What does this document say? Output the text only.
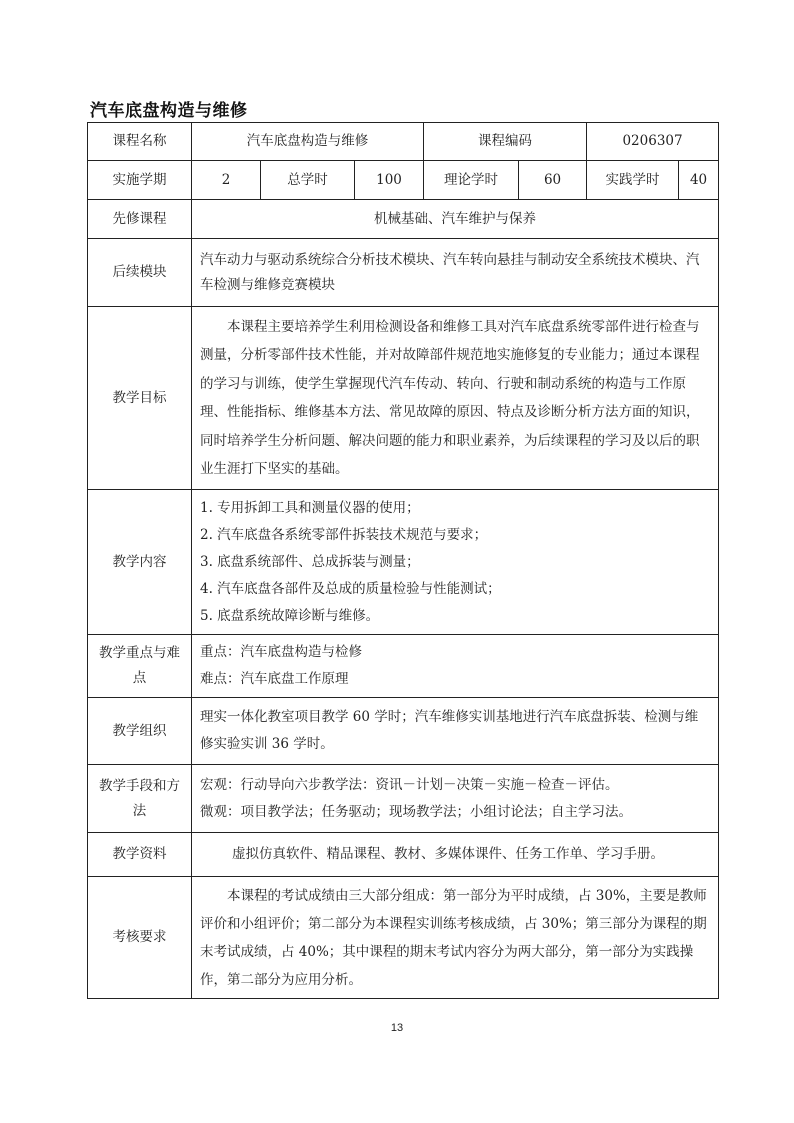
汽车底盘构造与维修
课程名称	汽车底盘构造与维修			课程编码		0206307	
实施学期	2	总学时	100	理论学时	60	实践学时	40
先修课程	机械基础、汽车维护与保养						
后续模块	汽车动力与驱动系统综合分析技术模块、汽车转向悬挂与制动安全系统技术模块、汽车检测与维修竞赛模块						
教学目标	本课程主要培养学生利用检测设备和维修工具对汽车底盘系统零部件进行检查与测量，分析零部件技术性能，并对故障部件规范地实施修复的专业能力；通过本课程的学习与训练，使学生掌握现代汽车传动、转向、行驶和制动系统的构造与工作原理、性能指标、维修基本方法、常见故障的原因、特点及诊断分析方法方面的知识，同时培养学生分析问题、解决问题的能力和职业素养，为后续课程的学习及以后的职业生涯打下坚实的基础。						
教学内容	1. 专用拆卸工具和测量仪器的使用；
2. 汽车底盘各系统零部件拆装技术规范与要求；
3. 底盘系统部件、总成拆装与测量；
4. 汽车底盘各部件及总成的质量检验与性能测试；
5. 底盘系统故障诊断与维修。						

教学重点与难点	重点：汽车底盘构造与检修
难点：汽车底盘工作原理						

教学组织	理实一体化教室项目教学 60 学时；汽车维修实训基地进行汽车底盘拆装、检测与维修实验实训 36 学时。						
教学手段和方法	宏观：行动导向六步教学法：资讯－计划－决策－实施－检查－评估。
微观：项目教学法；任务驱动；现场教学法；小组讨论法；自主学习法。						

教学资料	虚拟仿真软件、精品课程、教材、多媒体课件、任务工作单、学习手册。						
考核要求	本课程的考试成绩由三大部分组成：第一部分为平时成绩，占 30%，主要是教师评价和小组评价；第二部分为本课程实训练考核成绩，占 30%；第三部分为课程的期末考试成绩，占 40%；其中课程的期末考试内容分为两大部分，第一部分为实践操作，第二部分为应用分析。						
13
